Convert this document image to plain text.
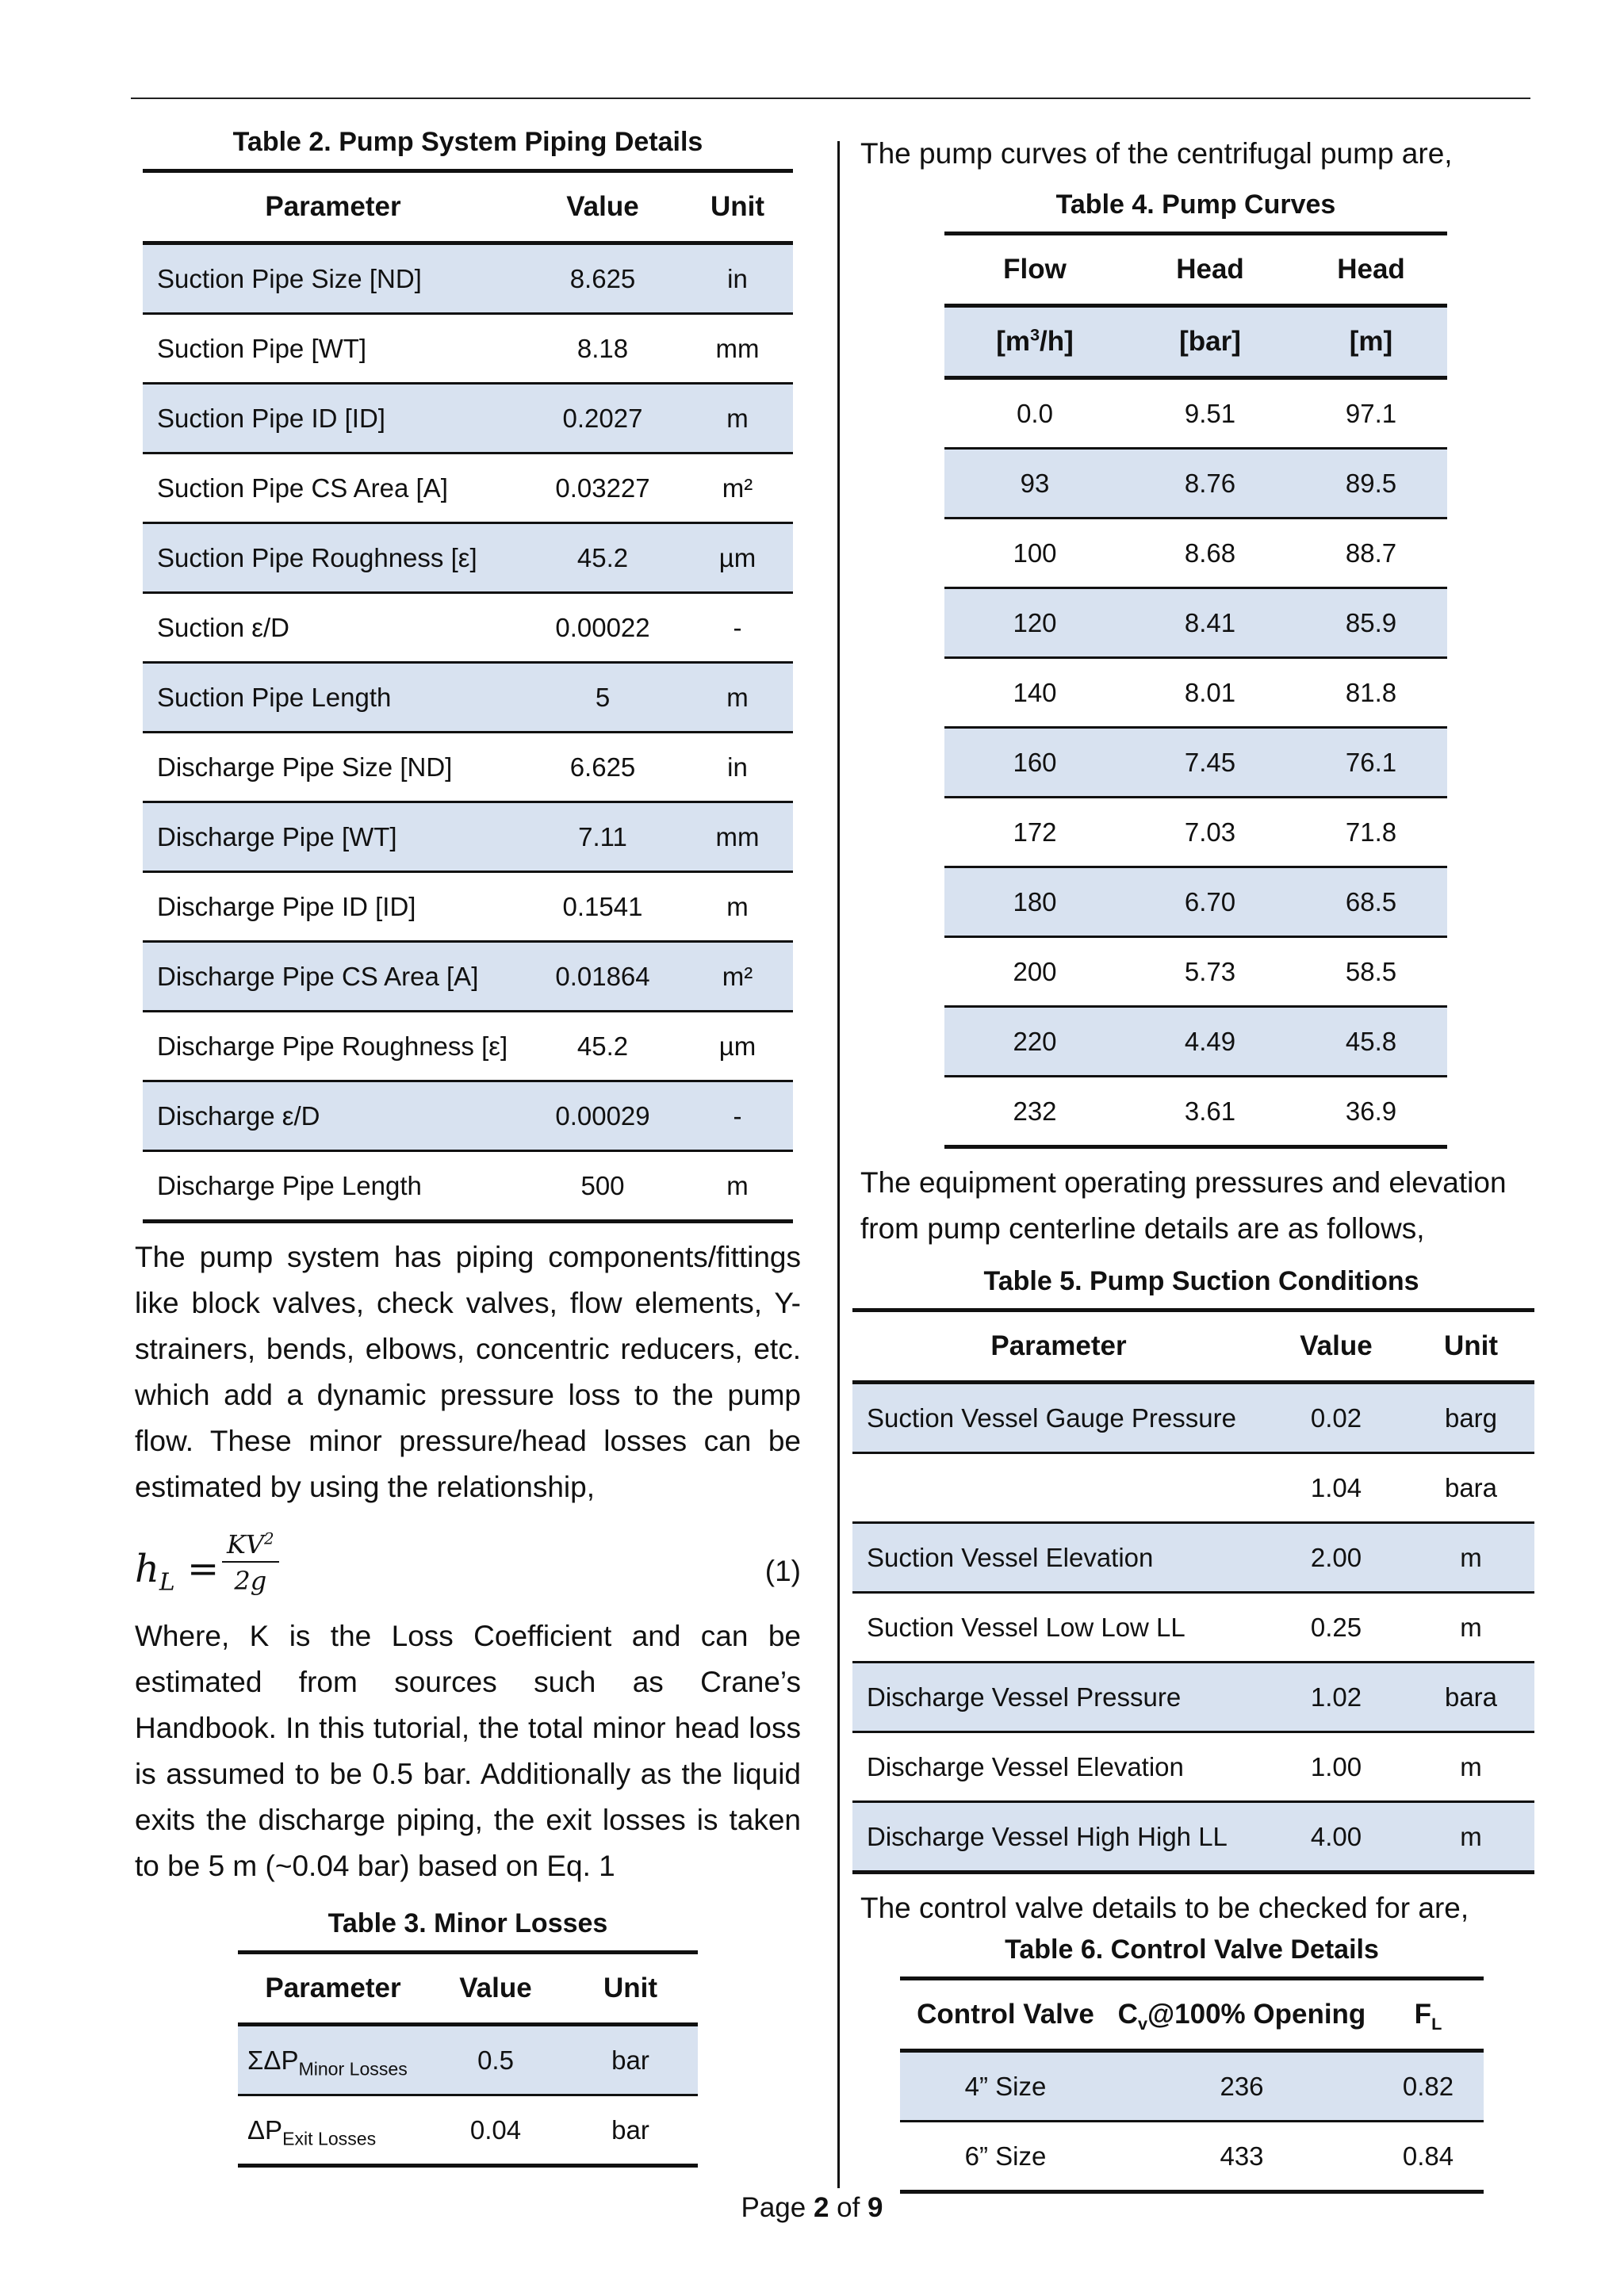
Table 2. Pump System Piping Details
Parameter	Value	Unit
Suction Pipe Size [ND]	8.625	in
Suction Pipe [WT]	8.18	mm
Suction Pipe ID [ID]	0.2027	m
Suction Pipe CS Area [A]	0.03227	m²
Suction Pipe Roughness [ε]	45.2	µm
Suction ε/D	0.00022	-
Suction Pipe Length	5	m
Discharge Pipe Size [ND]	6.625	in
Discharge Pipe [WT]	7.11	mm
Discharge Pipe ID [ID]	0.1541	m
Discharge Pipe CS Area [A]	0.01864	m²
Discharge Pipe Roughness [ε]	45.2	µm
Discharge ε/D	0.00029	-
Discharge Pipe Length	500	m
The pump system has piping components/fittings like block valves, check valves, flow elements, Y-strainers, bends, elbows, concentric reducers, etc. which add a dynamic pressure loss to the pump flow. These minor pressure/head losses can be estimated by using the relationship,
$h_L = \frac{KV^2}{2g}$	(1)
Where, K is the Loss Coefficient and can be estimated from sources such as Crane’s Handbook. In this tutorial, the total minor head loss is assumed to be 0.5 bar. Additionally as the liquid exits the discharge piping, the exit losses is taken to be 5 m (~0.04 bar) based on Eq. 1
Table 3. Minor Losses
Parameter	Value	Unit
$\Sigma\Delta P_{Minor Losses}$	0.5	bar
$\Delta P_{Exit Losses}$	0.04	bar
The pump curves of the centrifugal pump are,
Table 4. Pump Curves
Flow	Head	Head
$[m^3/h]$	[bar]	[m]
0.0	9.51	97.1
93	8.76	89.5
100	8.68	88.7
120	8.41	85.9
140	8.01	81.8
160	7.45	76.1
172	7.03	71.8
180	6.70	68.5
200	5.73	58.5
220	4.49	45.8
232	3.61	36.9
The equipment operating pressures and elevation from pump centerline details are as follows,
Table 5. Pump Suction Conditions
Parameter	Value	Unit
Suction Vessel Gauge Pressure	0.02	barg
	1.04	bara
Suction Vessel Elevation	2.00	m
Suction Vessel Low Low LL	0.25	m
Discharge Vessel Pressure	1.02	bara
Discharge Vessel Elevation	1.00	m
Discharge Vessel High High LL	4.00	m
The control valve details to be checked for are,
Table 6. Control Valve Details
Control Valve	$C_v@100\%$ Opening	$F_L$
4” Size	236	0.82
6” Size	433	0.84
Page 2 of 9
